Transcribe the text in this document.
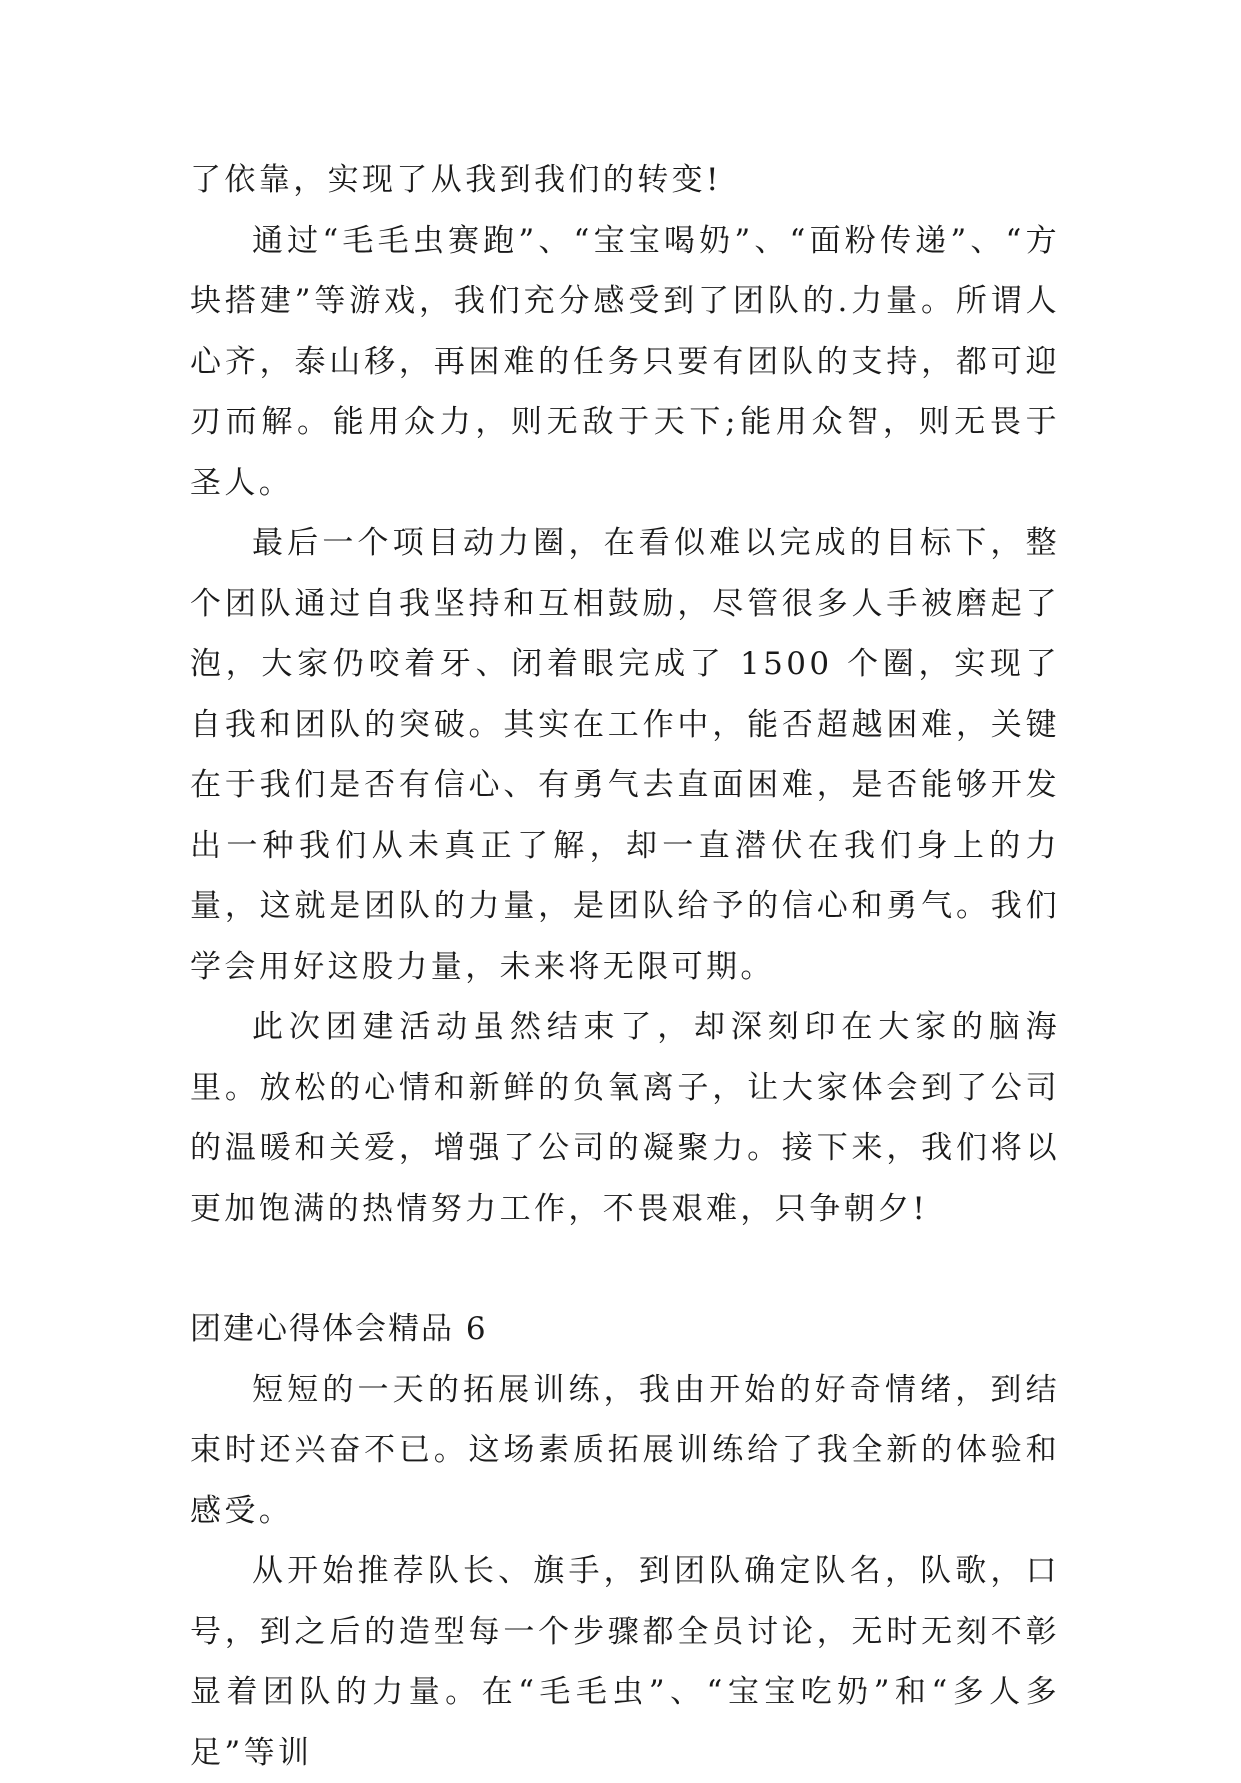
了依靠，实现了从我到我们的转变!

通过“毛毛虫赛跑”、“宝宝喝奶”、“面粉传递”、“方块搭建”等游戏，我们充分感受到了团队的.力量。所谓人心齐，泰山移，再困难的任务只要有团队的支持，都可迎刃而解。能用众力，则无敌于天下;能用众智，则无畏于圣人。

最后一个项目动力圈，在看似难以完成的目标下，整个团队通过自我坚持和互相鼓励，尽管很多人手被磨起了泡，大家仍咬着牙、闭着眼完成了 1500 个圈，实现了自我和团队的突破。其实在工作中，能否超越困难，关键在于我们是否有信心、有勇气去直面困难，是否能够开发出一种我们从未真正了解，却一直潜伏在我们身上的力量，这就是团队的力量，是团队给予的信心和勇气。我们学会用好这股力量，未来将无限可期。

此次团建活动虽然结束了，却深刻印在大家的脑海里。放松的心情和新鲜的负氧离子，让大家体会到了公司的温暖和关爱，增强了公司的凝聚力。接下来，我们将以更加饱满的热情努力工作，不畏艰难，只争朝夕!

团建心得体会精品 6

短短的一天的拓展训练，我由开始的好奇情绪，到结束时还兴奋不已。这场素质拓展训练给了我全新的体验和感受。

从开始推荐队长、旗手，到团队确定队名，队歌，口号，到之后的造型每一个步骤都全员讨论，无时无刻不彰显着团队的力量。在“毛毛虫”、“宝宝吃奶”和“多人多足”等训
